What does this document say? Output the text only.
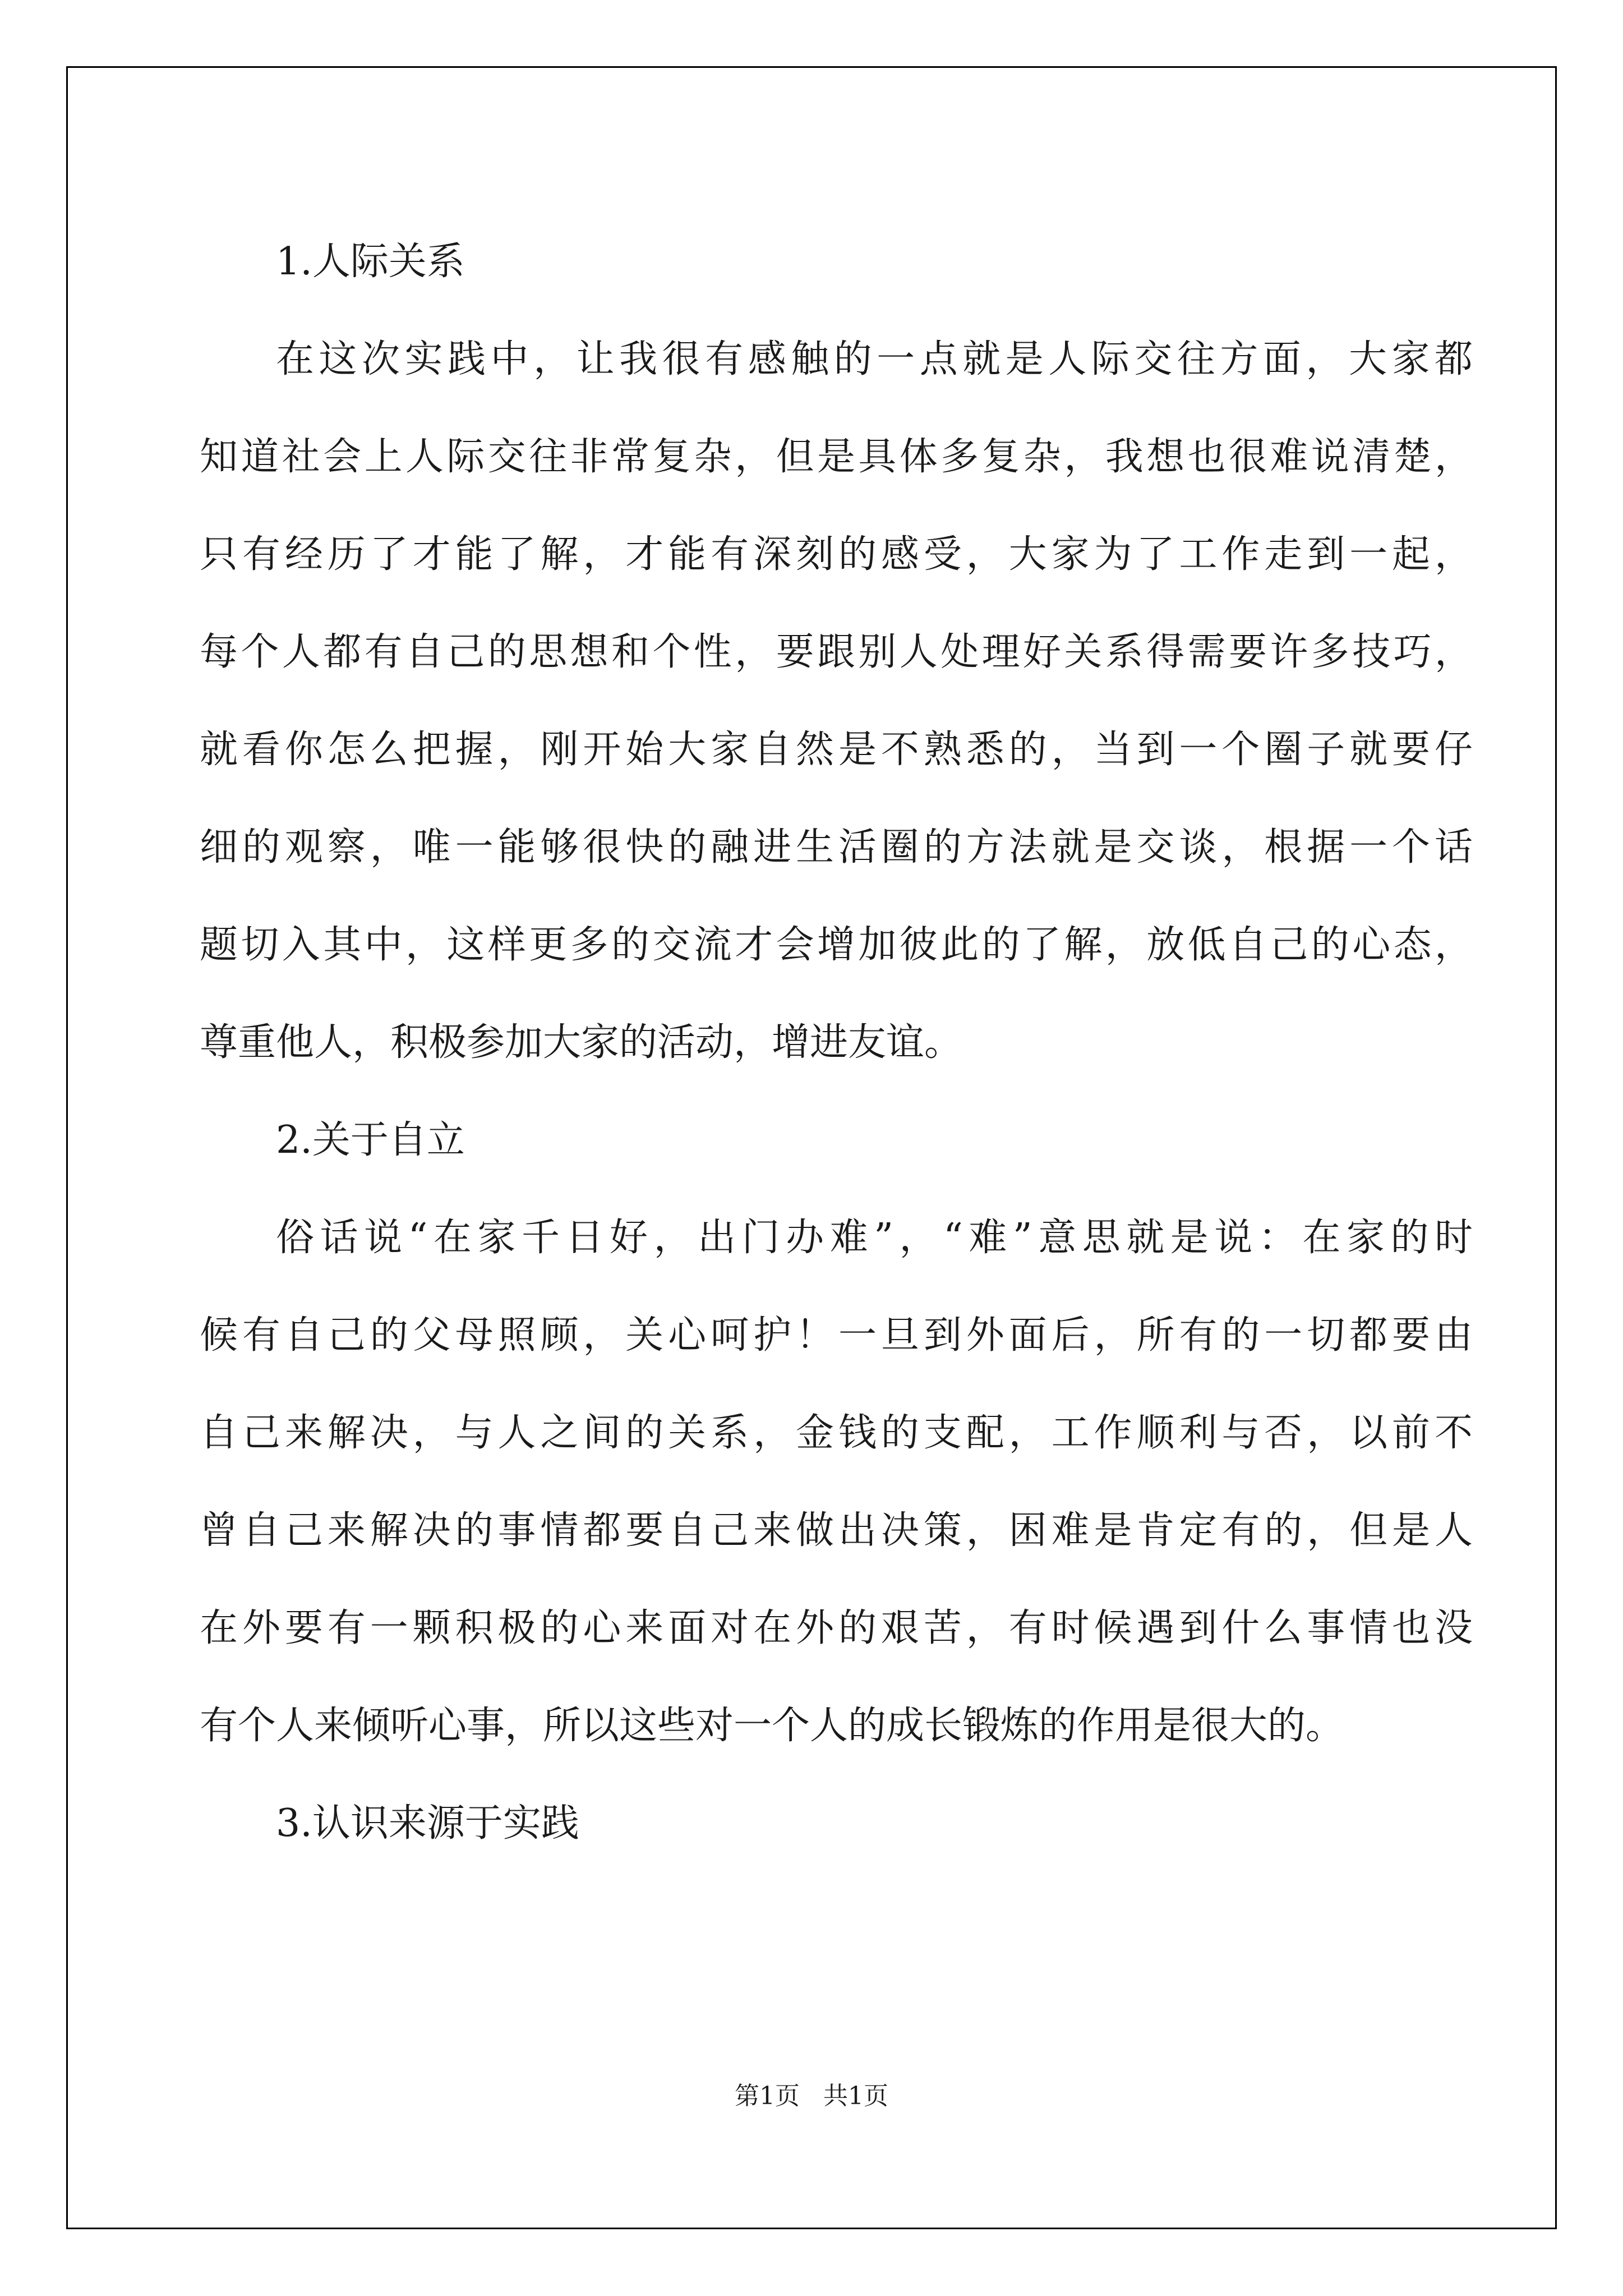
1.人际关系

在这次实践中，让我很有感触的一点就是人际交往方面，大家都

知道社会上人际交往非常复杂，但是具体多复杂，我想也很难说清楚，

只有经历了才能了解，才能有深刻的感受，大家为了工作走到一起，

每个人都有自己的思想和个性，要跟别人处理好关系得需要许多技巧，

就看你怎么把握，刚开始大家自然是不熟悉的，当到一个圈子就要仔

细的观察，唯一能够很快的融进生活圈的方法就是交谈，根据一个话

题切入其中，这样更多的交流才会增加彼此的了解，放低自己的心态，

尊重他人，积极参加大家的活动，增进友谊。

2.关于自立

俗话说“在家千日好，出门办难”，“难”意思就是说：在家的时

候有自己的父母照顾，关心呵护！一旦到外面后，所有的一切都要由

自己来解决，与人之间的关系，金钱的支配，工作顺利与否，以前不

曾自己来解决的事情都要自己来做出决策，困难是肯定有的，但是人

在外要有一颗积极的心来面对在外的艰苦，有时候遇到什么事情也没

有个人来倾听心事，所以这些对一个人的成长锻炼的作用是很大的。

3.认识来源于实践

第1页   共1页
